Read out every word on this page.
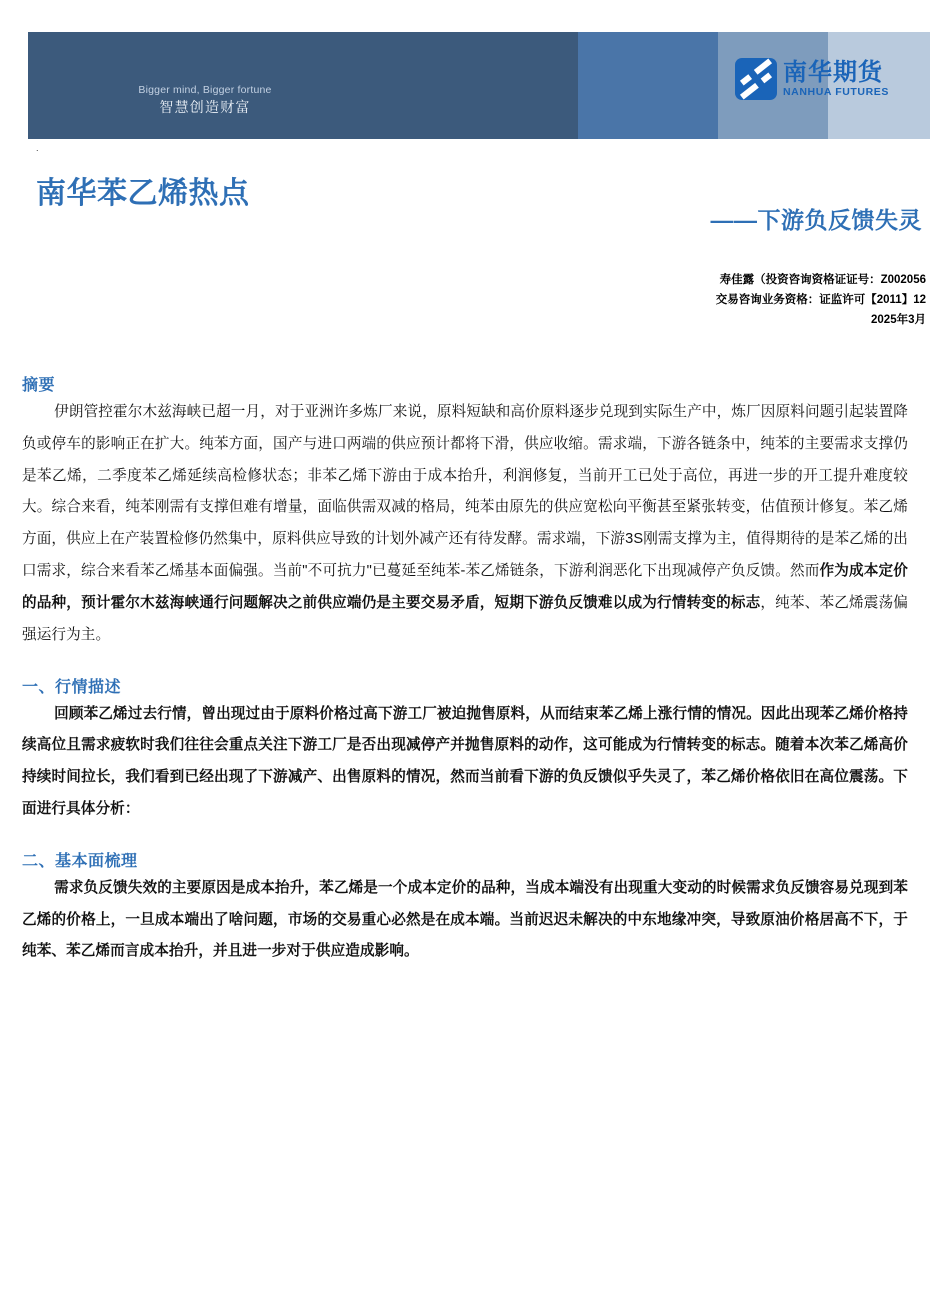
Bigger mind, Bigger fortune
智慧创造财富
南华期货
NANHUA FUTURES
.
南华苯乙烯热点
——下游负反馈失灵
寿佳露（投资咨询资格证证号：Z002056
交易咨询业务资格：证监许可【2011】12
2025年3月
摘要

伊朗管控霍尔木兹海峡已超一月，对于亚洲许多炼厂来说，原料短缺和高价原料逐步兑现到实际生产中，炼厂因原料问题引起装置降负或停车的影响正在扩大。纯苯方面，国产与进口两端的供应预计都将下滑，供应收缩。需求端，下游各链条中，纯苯的主要需求支撑仍是苯乙烯，二季度苯乙烯延续高检修状态；非苯乙烯下游由于成本抬升，利润修复，当前开工已处于高位，再进一步的开工提升难度较大。综合来看，纯苯刚需有支撑但难有增量，面临供需双减的格局，纯苯由原先的供应宽松向平衡甚至紧张转变，估值预计修复。苯乙烯方面，供应上在产装置检修仍然集中，原料供应导致的计划外减产还有待发酵。需求端，下游3S刚需支撑为主，值得期待的是苯乙烯的出口需求，综合来看苯乙烯基本面偏强。当前"不可抗力"已蔓延至纯苯-苯乙烯链条，下游利润恶化下出现减停产负反馈。然而作为成本定价的品种，预计霍尔木兹海峡通行问题解决之前供应端仍是主要交易矛盾，短期下游负反馈难以成为行情转变的标志，纯苯、苯乙烯震荡偏强运行为主。

一、行情描述

回顾苯乙烯过去行情，曾出现过由于原料价格过高下游工厂被迫抛售原料，从而结束苯乙烯上涨行情的情况。因此出现苯乙烯价格持续高位且需求疲软时我们往往会重点关注下游工厂是否出现减停产并抛售原料的动作，这可能成为行情转变的标志。随着本次苯乙烯高价持续时间拉长，我们看到已经出现了下游减产、出售原料的情况，然而当前看下游的负反馈似乎失灵了，苯乙烯价格依旧在高位震荡。下面进行具体分析：

二、基本面梳理

需求负反馈失效的主要原因是成本抬升，苯乙烯是一个成本定价的品种，当成本端没有出现重大变动的时候需求负反馈容易兑现到苯乙烯的价格上，一旦成本端出了啥问题，市场的交易重心必然是在成本端。当前迟迟未解决的中东地缘冲突，导致原油价格居高不下，于纯苯、苯乙烯而言成本抬升，并且进一步对于供应造成影响。
